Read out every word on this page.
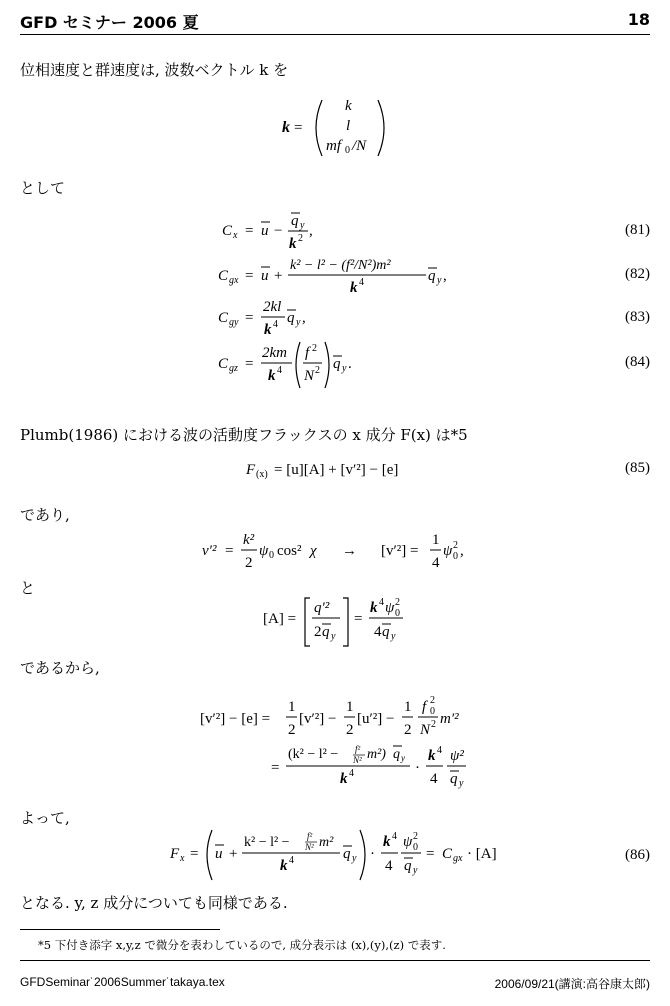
GFD セミナー 2006 夏	18
位相速度と群速度は, 波数ベクトル k を
k =
k
l
mf 0 /N
として
C x = u −
q y
k 2 ,
C gx = u +
k² − l² − (f²/N²)m²
k 4	q y ,
C gy =
2kl
k 4 q y ,
C gz =
2km
k 4
f 2
N 2 q y .
(81)
(82)
(83)
(84)
Plumb(1986) における波の活動度フラックスの x 成分 F(x) は*5
F (x) = [u][A] + [v′²] − [e]	(85)
であり,
v′² =
k²
2
ψ 0 cos² χ → [v′²] =
1
4
ψ 0
2 ,
と
[A] =
q′²
2 q y
=
k 4 ψ 0
2
4 q y
であるから,
[v′²] − [e] =
1
2
[v′²] −
1
2
[u′²] −
1
2
f 0
2
N 2 m′²
=
(k² − l² − f²
N² m²) q y
k 4	·
k 4
4
ψ²
q y
よって,
F x = u +
k² − l² − f²
N² m²
k 4	q y ·
k 4
4
ψ 0
2
q y
= C gx · [A]	(86)
となる. y, z 成分についても同様である.
*5 下付き添字 x,y,z で微分を表わしているので, 成分表示は (x),(y),(z) で表す.
GFDSeminar˙2006Summer˙takaya.tex	2006/09/21(講演:高谷康太郎)
